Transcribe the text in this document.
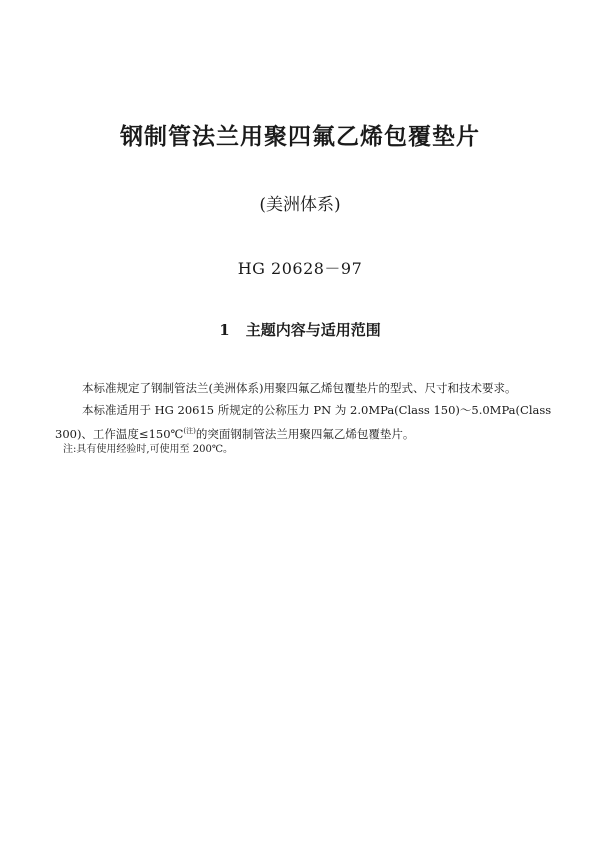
钢制管法兰用聚四氟乙烯包覆垫片

(美洲体系)

HG 20628－97

1 主题内容与适用范围

本标准规定了钢制管法兰(美洲体系)用聚四氟乙烯包覆垫片的型式、尺寸和技术要求。

本标准适用于 HG 20615 所规定的公称压力 PN 为 2.0MPa(Class 150)～5.0MPa(Class
300)、工作温度≤150℃$^{(注)}$的突面钢制管法兰用聚四氟乙烯包覆垫片。

注:具有使用经验时,可使用至 200℃。
